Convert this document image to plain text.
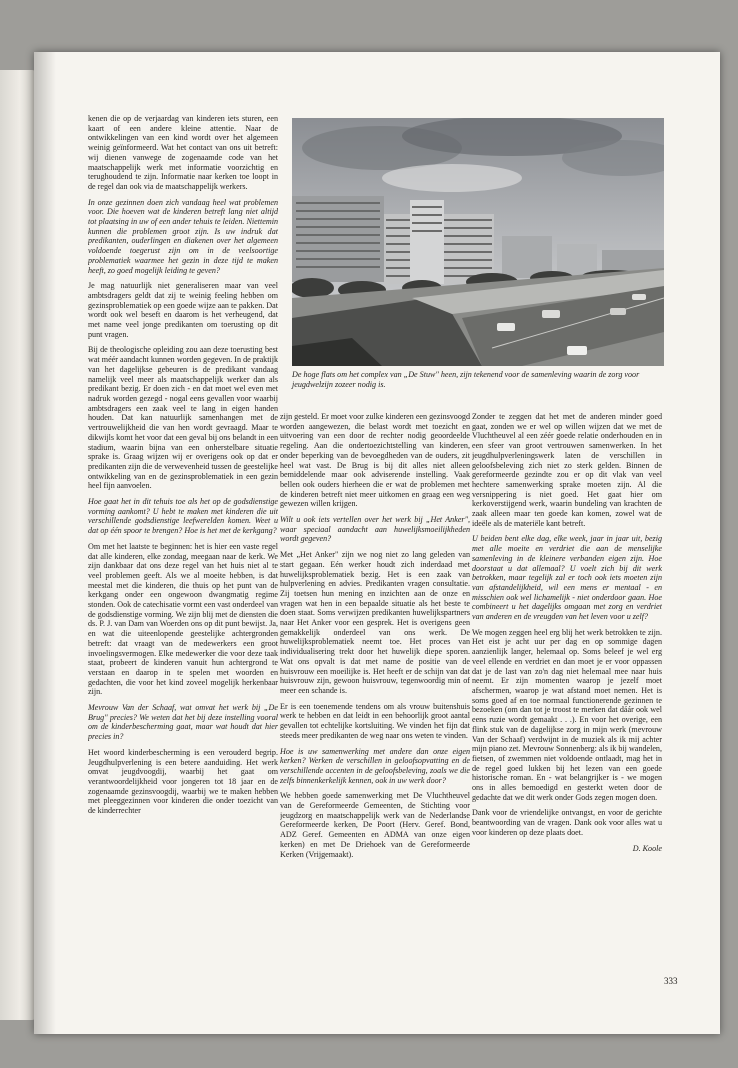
kenen die op de verjaardag van kinderen iets sturen, een kaart of een andere kleine attentie. Naar de ontwikkelingen van een kind wordt over het algemeen weinig geïnformeerd. Wat het contact van ons uit betreft: wij dienen vanwege de zogenaamde code van het maatschappelijk werk met informatie voorzichtig en terughoudend te zijn. Informatie naar kerken toe loopt in de regel dan ook via de maatschappelijk werkers.

In onze gezinnen doen zich vandaag heel wat problemen voor. Die hoeven wat de kinderen betreft lang niet altijd tot plaatsing in uw of een ander tehuis te leiden. Niettemin kunnen die problemen groot zijn. Is uw indruk dat predikanten, ouderlingen en diakenen over het algemeen voldoende toegerust zijn om in de veelsoortige problematiek waarmee het gezin in deze tijd te maken heeft, zo goed mogelijk leiding te geven?

Je mag natuurlijk niet generaliseren maar van veel ambtsdragers geldt dat zij te weinig feeling hebben om gezinsproblematiek op een goede wijze aan te pakken. Dat wordt ook wel beseft en daarom is het verheugend, dat met name veel jonge predikanten om toerusting op dit punt vragen.

Bij de theologische opleiding zou aan deze toerusting best wat méér aandacht kunnen worden gegeven. In de praktijk van het dagelijkse gebeuren is de predikant vandaag namelijk veel meer als maatschappelijk werker dan als predikant bezig. Er doen zich - en dat moet wel even met nadruk worden gezegd - nogal eens gevallen voor waarbij ambtsdragers een zaak veel te lang in eigen handen houden. Dat kan natuurlijk samenhangen met de vertrouwelijkheid die van hen wordt gevraagd. Maar te dikwijls komt het voor dat een geval bij ons belandt in een stadium, waarin bijna van een onherstelbare situatie sprake is. Graag wijzen wij er overigens ook op dat er predikanten zijn die de verwevenheid tussen de geestelijke ontwikkeling van en de gezinsproblematiek in een gezin heel fijn aanvoelen.

Hoe gaat het in dit tehuis toe als het op de godsdienstige vorming aankomt? U hebt te maken met kinderen die uit verschillende godsdienstige leefwerelden komen. Weet u dat op één spoor te brengen? Hoe is het met de kerkgang?

Om met het laatste te beginnen: het is hier een vaste regel dat alle kinderen, elke zondag, meegaan naar de kerk. We zijn dankbaar dat ons deze regel van het huis niet al te veel problemen geeft. Als we al moeite hebben, is dat meestal met die kinderen, die thuis op het punt van de kerkgang onder een ongewoon dwangmatig regime stonden. Ook de catechisatie vormt een vast onderdeel van de godsdienstige vorming. We zijn blij met de diensten die ds. P. J. van Dam van Woerden ons op dit punt bewijst. Ja, en wat die uiteenlopende geestelijke achtergronden betreft: dat vraagt van de medewerkers een groot invoelingsvermogen. Elke medewerker die voor deze taak staat, probeert de kinderen vanuit hun achtergrond te verstaan en daarop in te spelen met woorden en gedachten, die voor het kind zoveel mogelijk herkenbaar zijn.

Mevrouw Van der Schaaf, wat omvat het werk bij „De Brug" precies? We weten dat het bij deze instelling vooral om de kinderbescherming gaat, maar wat houdt dat hier precies in?

Het woord kinderbescherming is een verouderd begrip. Jeugdhulpverlening is een betere aanduiding. Het werk omvat jeugdvoogdij, waarbij het gaat om verantwoordelijkheid voor jongeren tot 18 jaar en de zogenaamde gezinsvoogdij, waarbij we te maken hebben met pleeggezinnen voor kinderen die onder toezicht van de kinderrechter

De hoge flats om het complex van „De Stuw" heen, zijn tekenend voor de samenleving waarin de zorg voor jeugdwelzijn zozeer nodig is.

zijn gesteld. Er moet voor zulke kinderen een gezinsvoogd worden aangewezen, die belast wordt met toezicht en uitvoering van een door de rechter nodig geoordeelde regeling. Aan die ondertoezichtstelling van kinderen, onder beperking van de bevoegdheden van de ouders, zit heel wat vast. De Brug is bij dit alles niet alleen bemiddelende maar ook adviserende instelling. Vaak bellen ook ouders hierheen die er wat de problemen met de kinderen betreft niet meer uitkomen en graag een weg gewezen willen krijgen.

Wilt u ook iets vertellen over het werk bij „Het Anker", waar speciaal aandacht aan huwelijksmoeilijkheden wordt gegeven?

Met „Het Anker" zijn we nog niet zo lang geleden van start gegaan. Eén werker houdt zich inderdaad met huwelijksproblematiek bezig. Het is een zaak van hulpverlening en advies. Predikanten vragen consultatie. Zij toetsen hun mening en inzichten aan de onze en vragen wat hen in een bepaalde situatie als het beste te doen staat. Soms verwijzen predikanten huwelijkspartners naar Het Anker voor een gesprek. Het is overigens geen gemakkelijk onderdeel van ons werk. De huwelijksproblematiek neemt toe. Het proces van individualisering trekt door het huwelijk diepe sporen. Wat ons opvalt is dat met name de positie van de huisvrouw een moeilijke is. Het heeft er de schijn van dat huisvrouw zijn, gewoon huisvrouw, tegenwoordig min of meer een schande is.

Er is een toenemende tendens om als vrouw buitenshuis werk te hebben en dat leidt in een behoorlijk groot aantal gevallen tot echtelijke kortsluiting. We vinden het fijn dat steeds meer predikanten de weg naar ons weten te vinden.

Hoe is uw samenwerking met andere dan onze eigen kerken? Werken de verschillen in geloofsopvatting en de verschillende accenten in de geloofsbeleving, zoals we die zelfs binnenkerkelijk kennen, ook in uw werk door?

We hebben goede samenwerking met De Vluchtheuvel van de Gereformeerde Gemeenten, de Stichting voor jeugdzorg en maatschappelijk werk van de Nederlandse Gereformeerde kerken, De Poort (Herv. Geref. Bond, ADZ Geref. Gemeenten en ADMA van onze eigen kerken) en met De Driehoek van de Gereformeerde Kerken (Vrijgemaakt).

Zonder te zeggen dat het met de anderen minder goed gaat, zonden we er wel op willen wijzen dat we met de Vluchtheuvel al een zéér goede relatie onderhouden en in een sfeer van groot vertrouwen samenwerken. In het jeugdhulpverleningswerk laten de verschillen in geloofsbeleving zich niet zo sterk gelden. Binnen de gereformeerde gezindte zou er op dit vlak van veel hechtere samenwerking sprake moeten zijn. Al die versnippering is niet goed. Het gaat hier om kerkoverstijgend werk, waarin bundeling van krachten de zaak alleen maar ten goede kan komen, zowel wat de ideële als de materiële kant betreft.

U beiden bent elke dag, elke week, jaar in jaar uit, bezig met alle moeite en verdriet die aan de menselijke samenleving in de kleinere verbanden eigen zijn. Hoe doorstaat u dat allemaal? U voelt zich bij dit werk betrokken, maar tegelijk zal er toch ook iets moeten zijn van afstandelijkheid, wil een mens er mentaal - en misschien ook wel lichamelijk - niet onderdoor gaan. Hoe combineert u het dagelijks omgaan met zorg en verdriet van anderen en de vreugden van het leven voor u zelf?

We mogen zeggen heel erg blij het werk betrokken te zijn. Het eist je acht uur per dag en op sommige dagen aanzienlijk langer, helemaal op. Soms beleef je wel erg veel ellende en verdriet en dan moet je er voor oppassen dat je de last van zo'n dag niet helemaal mee naar huis neemt. Er zijn momenten waarop je jezelf moet afschermen, waarop je wat afstand moet nemen. Het is soms goed af en toe normaal functionerende gezinnen te bezoeken (om dan tot je troost te merken dat dáár ook wel eens ruzie wordt gemaakt . . .). En voor het overige, een flink stuk van de dagelijkse zorg in mijn werk (mevrouw Van der Schaaf) verdwijnt in de muziek als ik mij achter mijn piano zet. Mevrouw Sonnenberg: als ik bij wandelen, fietsen, of zwemmen niet voldoende ontlaadt, mag het in de regel goed lukken bij het lezen van een goede historische roman. En - wat belangrijker is - we mogen ons in alles bemoedigd en gesterkt weten door de gedachte dat we dit werk onder Gods zegen mogen doen.

Dank voor de vriendelijke ontvangst, en voor de gerichte beantwoording van de vragen. Dank ook voor alles wat u voor kinderen op deze plaats doet.

D. Koole
333
